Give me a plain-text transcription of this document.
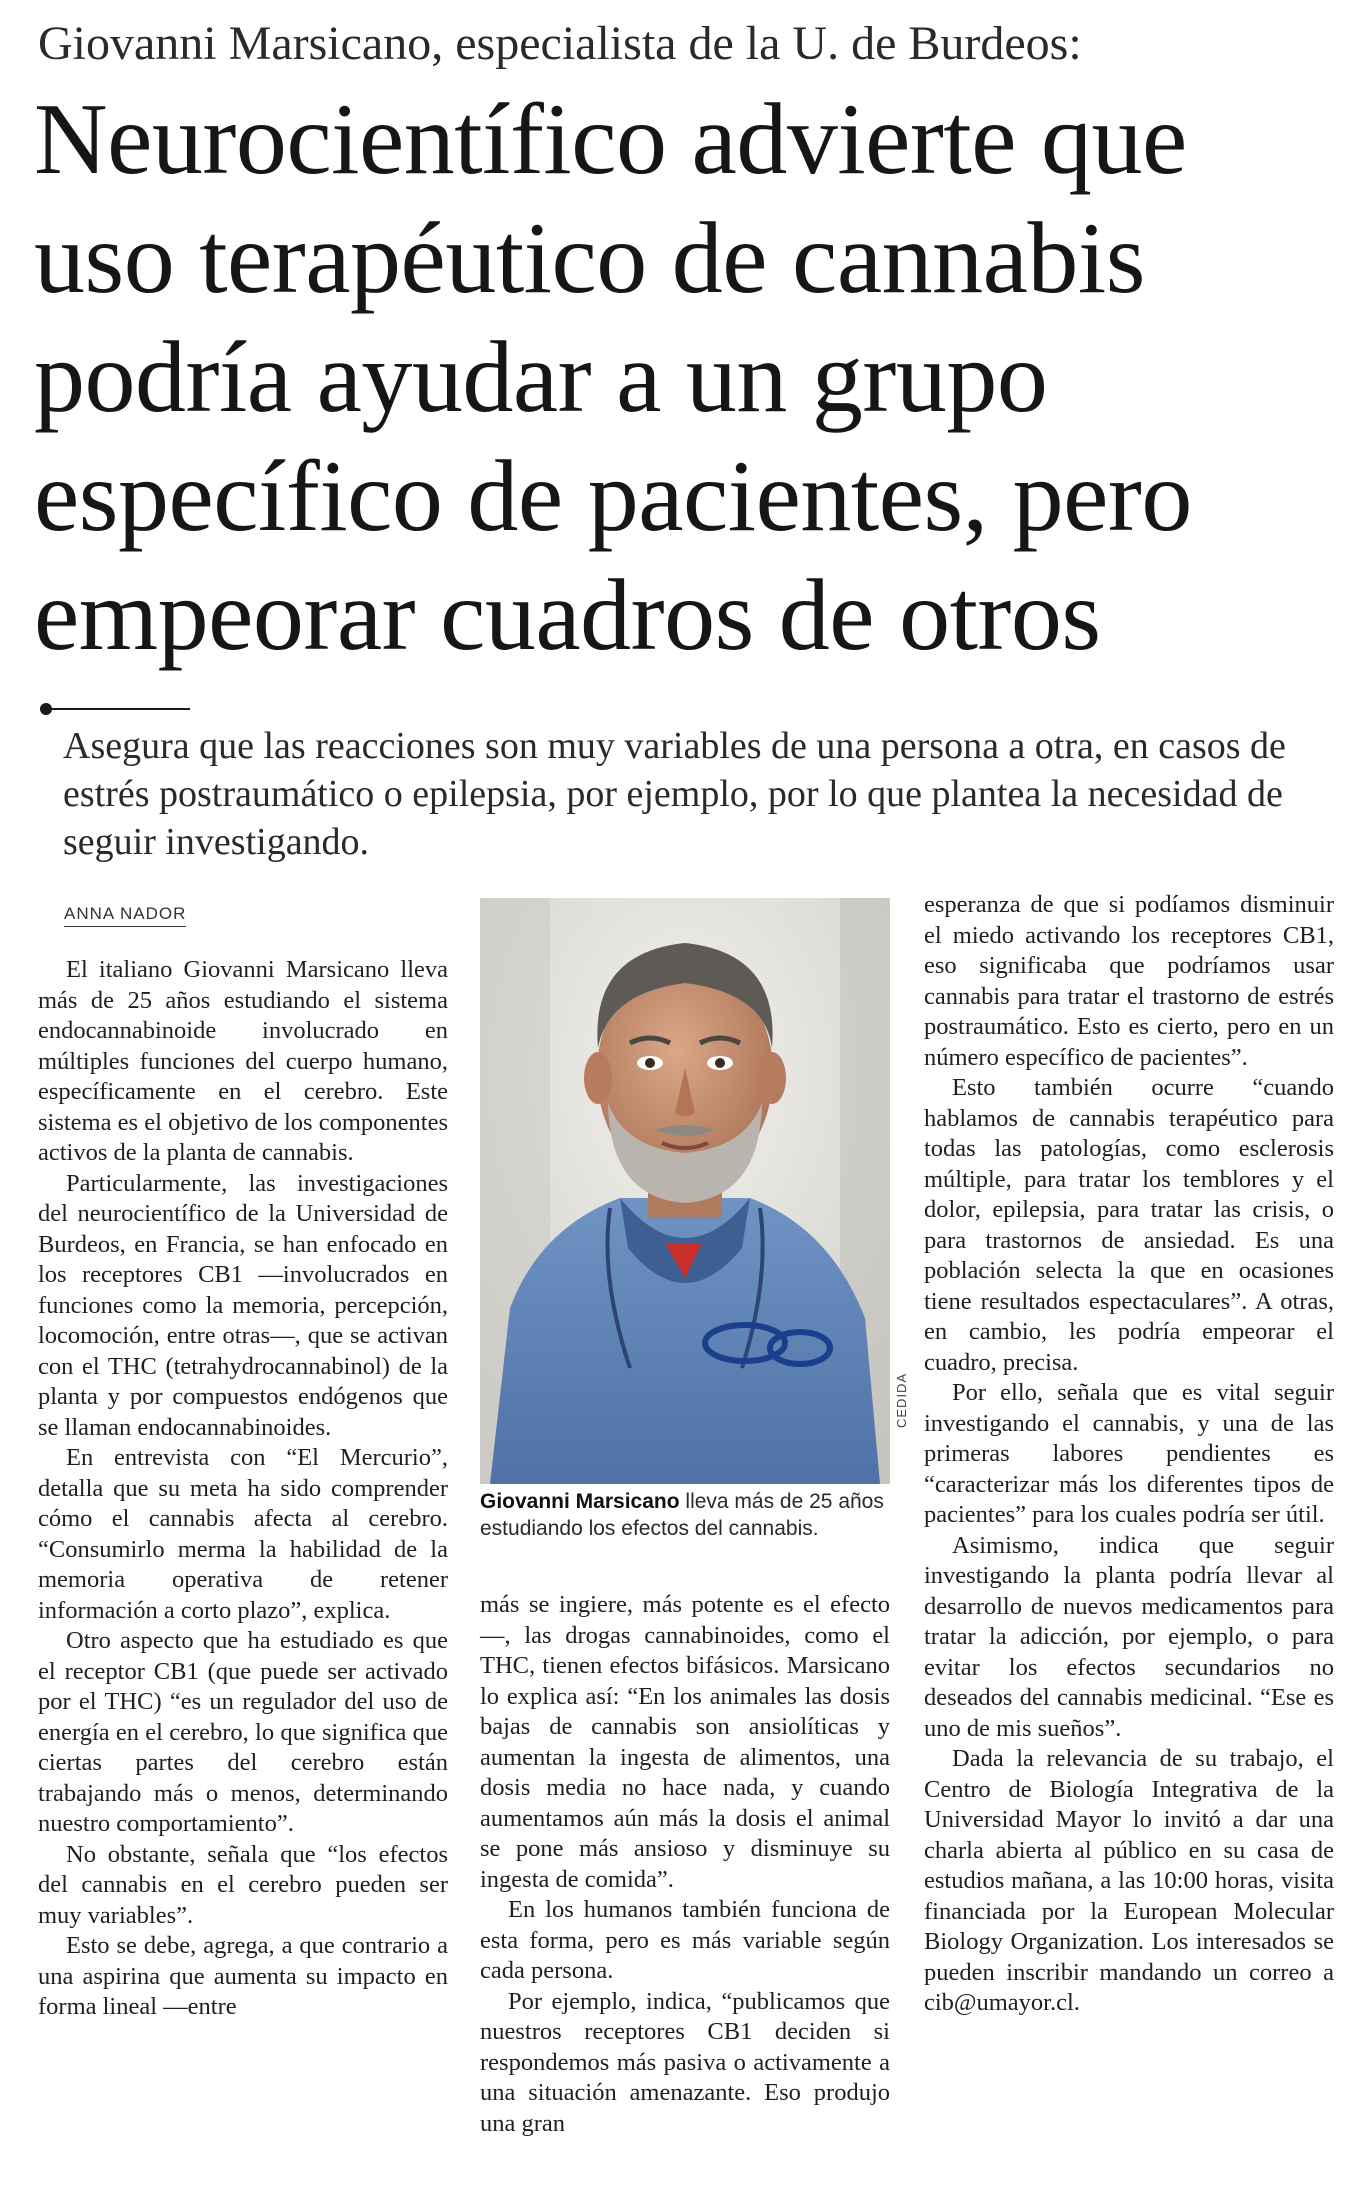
Giovanni Marsicano, especialista de la U. de Burdeos:
Neurocientífico advierte que uso terapéutico de cannabis podría ayudar a un grupo específico de pacientes, pero empeorar cuadros de otros
Asegura que las reacciones son muy variables de una persona a otra, en casos de estrés postraumático o epilepsia, por ejemplo, por lo que plantea la necesidad de seguir investigando.
ANNA NADOR

El italiano Giovanni Marsicano lleva más de 25 años estudiando el sistema endocannabinoide involucrado en múltiples funciones del cuerpo humano, específicamente en el cerebro. Este sistema es el objetivo de los componentes activos de la planta de cannabis.

Particularmente, las investigaciones del neurocientífico de la Universidad de Burdeos, en Francia, se han enfocado en los receptores CB1 —involucrados en funciones como la memoria, percepción, locomoción, entre otras—, que se activan con el THC (tetrahydrocannabinol) de la planta y por compuestos endógenos que se llaman endocannabinoides.

En entrevista con “El Mercurio”, detalla que su meta ha sido comprender cómo el cannabis afecta al cerebro. “Consumirlo merma la habilidad de la memoria operativa de retener información a corto plazo”, explica.

Otro aspecto que ha estudiado es que el receptor CB1 (que puede ser activado por el THC) “es un regulador del uso de energía en el cerebro, lo que significa que ciertas partes del cerebro están trabajando más o menos, determinando nuestro comportamiento”.

No obstante, señala que “los efectos del cannabis en el cerebro pueden ser muy variables”.

Esto se debe, agrega, a que contrario a una aspirina que aumenta su impacto en forma lineal —entre

CEDIDA
Giovanni Marsicano lleva más de 25 años estudiando los efectos del cannabis.

más se ingiere, más potente es el efecto—, las drogas cannabinoides, como el THC, tienen efectos bifásicos. Marsicano lo explica así: “En los animales las dosis bajas de cannabis son ansiolíticas y aumentan la ingesta de alimentos, una dosis media no hace nada, y cuando aumentamos aún más la dosis el animal se pone más ansioso y disminuye su ingesta de comida”.

En los humanos también funciona de esta forma, pero es más variable según cada persona.

Por ejemplo, indica, “publicamos que nuestros receptores CB1 deciden si respondemos más pasiva o activamente a una situación amenazante. Eso produjo una gran

esperanza de que si podíamos disminuir el miedo activando los receptores CB1, eso significaba que podríamos usar cannabis para tratar el trastorno de estrés postraumático. Esto es cierto, pero en un número específico de pacientes”.

Esto también ocurre “cuando hablamos de cannabis terapéutico para todas las patologías, como esclerosis múltiple, para tratar los temblores y el dolor, epilepsia, para tratar las crisis, o para trastornos de ansiedad. Es una población selecta la que en ocasiones tiene resultados espectaculares”. A otras, en cambio, les podría empeorar el cuadro, precisa.

Por ello, señala que es vital seguir investigando el cannabis, y una de las primeras labores pendientes es “caracterizar más los diferentes tipos de pacientes” para los cuales podría ser útil.

Asimismo, indica que seguir investigando la planta podría llevar al desarrollo de nuevos medicamentos para tratar la adicción, por ejemplo, o para evitar los efectos secundarios no deseados del cannabis medicinal. “Ese es uno de mis sueños”.

Dada la relevancia de su trabajo, el Centro de Biología Integrativa de la Universidad Mayor lo invitó a dar una charla abierta al público en su casa de estudios mañana, a las 10:00 horas, visita financiada por la European Molecular Biology Organization. Los interesados se pueden inscribir mandando un correo a cib@umayor.cl.
